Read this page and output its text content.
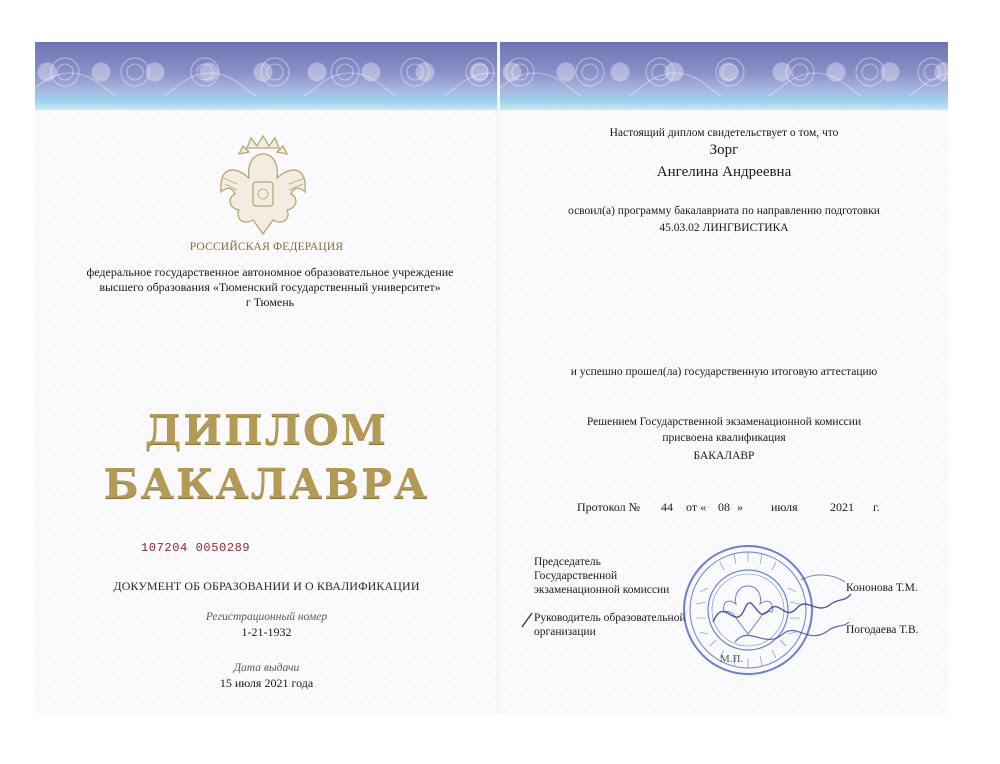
РОССИЙСКАЯ ФЕДЕРАЦИЯ
федеральное государственное автономное образовательное учреждение
высшего образования «Тюменский государственный университет»
г Тюмень
ДИПЛОМ
БАКАЛАВРА
107204 0050289
ДОКУМЕНТ ОБ ОБРАЗОВАНИИ И О КВАЛИФИКАЦИИ
Регистрационный номер
1-21-1932
Дата выдачи
15 июля 2021 года
Настоящий диплом свидетельствует о том, что
Зорг
Ангелина Андреевна
освоил(а) программу бакалавриата по направлению подготовки
45.03.02 ЛИНГВИСТИКА
и успешно прошел(ла) государственную итоговую аттестацию
Решением Государственной экзаменационной комиссии
присвоена квалификация
БАКАЛАВР
Протокол № 44 от « 08 » июля	2021 г.
Председатель
Государственной
экзаменационной комиссии
Руководитель образовательной
организации
Кононова Т.М.
Погодаева Т.В.
М.П.
